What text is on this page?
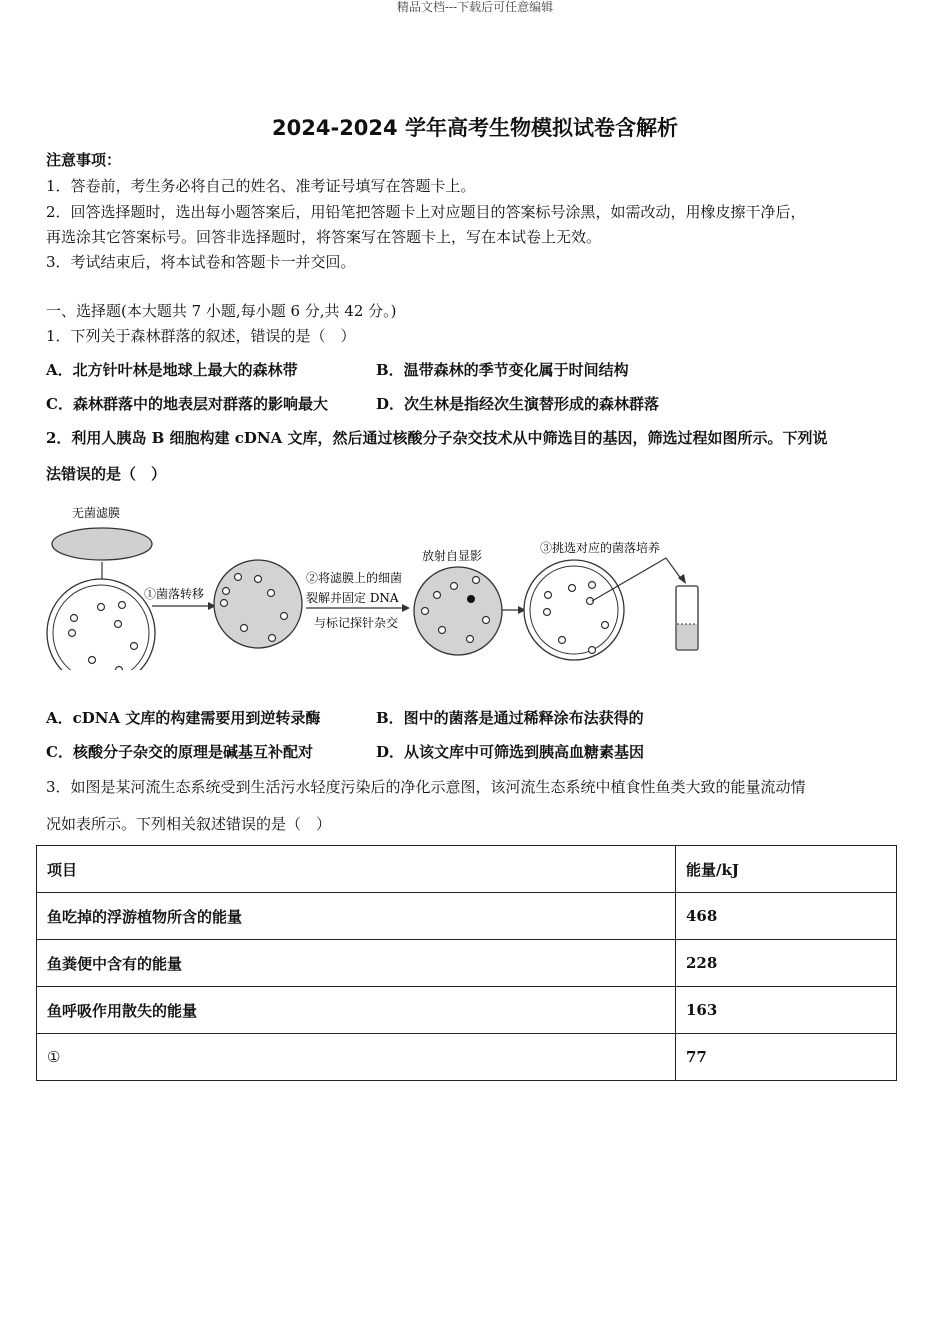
精品文档---下载后可任意编辑
2024-2024 学年高考生物模拟试卷含解析
注意事项：
1．答卷前，考生务必将自己的姓名、准考证号填写在答题卡上。
2．回答选择题时，选出每小题答案后，用铅笔把答题卡上对应题目的答案标号涂黑，如需改动，用橡皮擦干净后，
再选涂其它答案标号。回答非选择题时，将答案写在答题卡上，写在本试卷上无效。
3．考试结束后，将本试卷和答题卡一并交回。
一、选择题(本大题共 7 小题,每小题 6 分,共 42 分。)
1．下列关于森林群落的叙述，错误的是（　）
A．北方针叶林是地球上最大的森林带	B．温带森林的季节变化属于时间结构
C．森林群落中的地表层对群落的影响最大	D．次生林是指经次生演替形成的森林群落
2．利用人胰岛 B 细胞构建 cDNA 文库，然后通过核酸分子杂交技术从中筛选目的基因，筛选过程如图所示。下列说
法错误的是（　）
无菌滤膜
①菌落转移
②将滤膜上的细菌
裂解并固定 DNA
与标记探针杂交
放射自显影
③挑选对应的菌落培养
A．cDNA 文库的构建需要用到逆转录酶	B．图中的菌落是通过稀释涂布法获得的
C．核酸分子杂交的原理是碱基互补配对	D．从该文库中可筛选到胰高血糖素基因
3．如图是某河流生态系统受到生活污水轻度污染后的净化示意图，该河流生态系统中植食性鱼类大致的能量流动情
况如表所示。下列相关叙述错误的是（　）
项目	能量/kJ
鱼吃掉的浮游植物所含的能量	468
鱼粪便中含有的能量	228
鱼呼吸作用散失的能量	163
①	77
